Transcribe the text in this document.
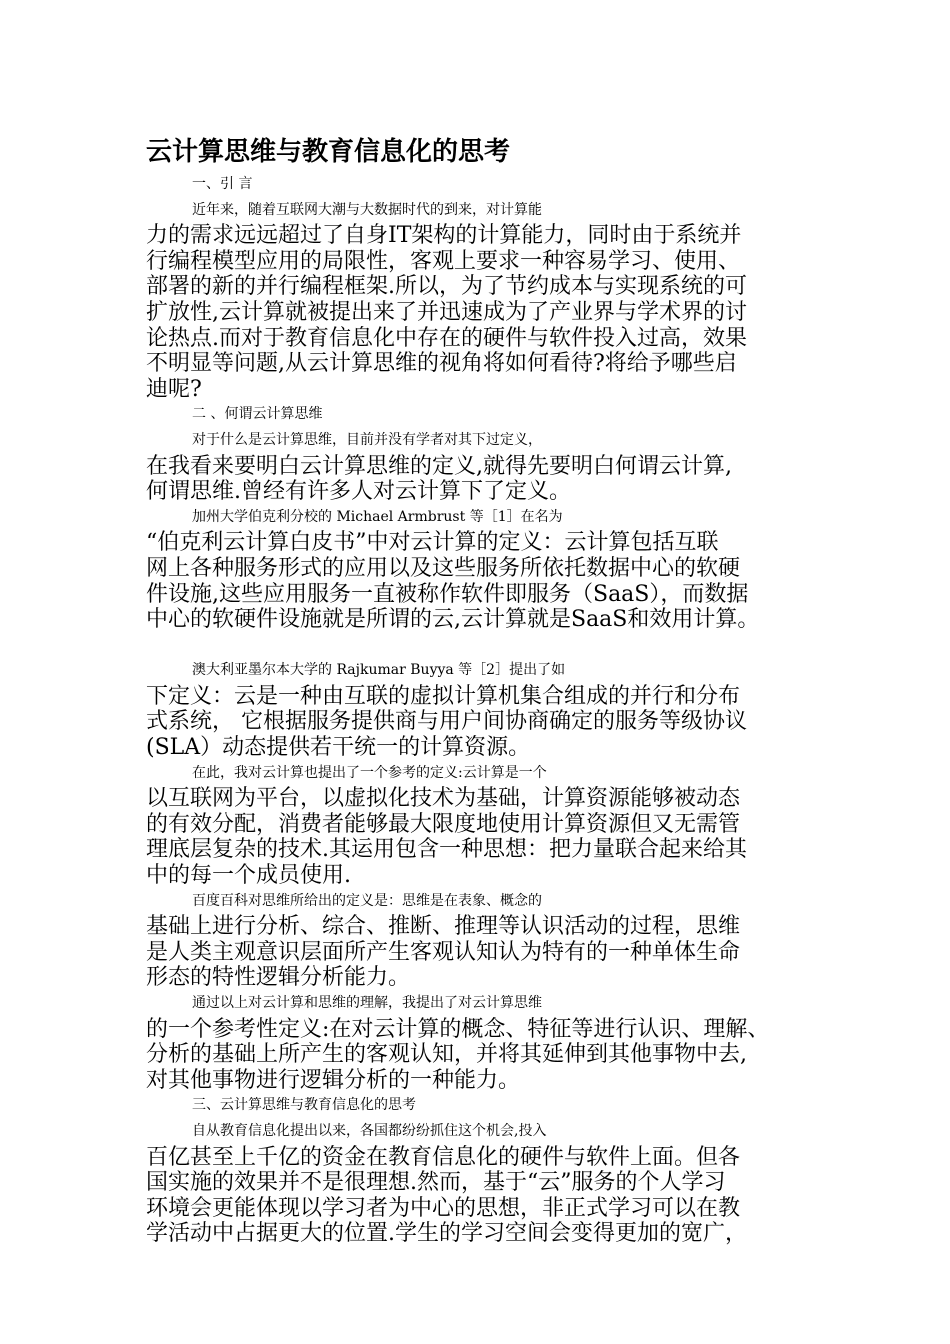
云计算思维与教育信息化的思考

一、引 言

近年来，随着互联网大潮与大数据时代的到来，对计算能

力的需求远远超过了自身IT架构的计算能力，同时由于系统并

行编程模型应用的局限性，客观上要求一种容易学习、使用、

部署的新的并行编程框架.所以，为了节约成本与实现系统的可

扩放性,云计算就被提出来了并迅速成为了产业界与学术界的讨

论热点.而对于教育信息化中存在的硬件与软件投入过高，效果

不明显等问题,从云计算思维的视角将如何看待?将给予哪些启

迪呢?

二 、何谓云计算思维

对于什么是云计算思维，目前并没有学者对其下过定义，

在我看来要明白云计算思维的定义,就得先要明白何谓云计算,

何谓思维.曾经有许多人对云计算下了定义。

加州大学伯克利分校的 Michael Armbrust 等［1］在名为

“伯克利云计算白皮书”中对云计算的定义：云计算包括互联

网上各种服务形式的应用以及这些服务所依托数据中心的软硬

件设施,这些应用服务一直被称作软件即服务（SaaS），而数据

中心的软硬件设施就是所谓的云,云计算就是SaaS和效用计算。

澳大利亚墨尔本大学的 Rajkumar Buyya 等［2］提出了如

下定义：云是一种由互联的虚拟计算机集合组成的并行和分布

式系统， 它根据服务提供商与用户间协商确定的服务等级协议

(SLA）动态提供若干统一的计算资源。

在此，我对云计算也提出了一个参考的定义:云计算是一个

以互联网为平台，以虚拟化技术为基础，计算资源能够被动态

的有效分配，消费者能够最大限度地使用计算资源但又无需管

理底层复杂的技术.其运用包含一种思想：把力量联合起来给其

中的每一个成员使用.

百度百科对思维所给出的定义是：思维是在表象、概念的

基础上进行分析、综合、推断、推理等认识活动的过程，思维

是人类主观意识层面所产生客观认知认为特有的一种单体生命

形态的特性逻辑分析能力。

通过以上对云计算和思维的理解，我提出了对云计算思维

的一个参考性定义:在对云计算的概念、特征等进行认识、理解、

分析的基础上所产生的客观认知，并将其延伸到其他事物中去,

对其他事物进行逻辑分析的一种能力。

三、云计算思维与教育信息化的思考

自从教育信息化提出以来，各国都纷纷抓住这个机会,投入

百亿甚至上千亿的资金在教育信息化的硬件与软件上面。但各

国实施的效果并不是很理想.然而，基于“云”服务的个人学习

环境会更能体现以学习者为中心的思想，非正式学习可以在教

学活动中占据更大的位置.学生的学习空间会变得更加的宽广，
